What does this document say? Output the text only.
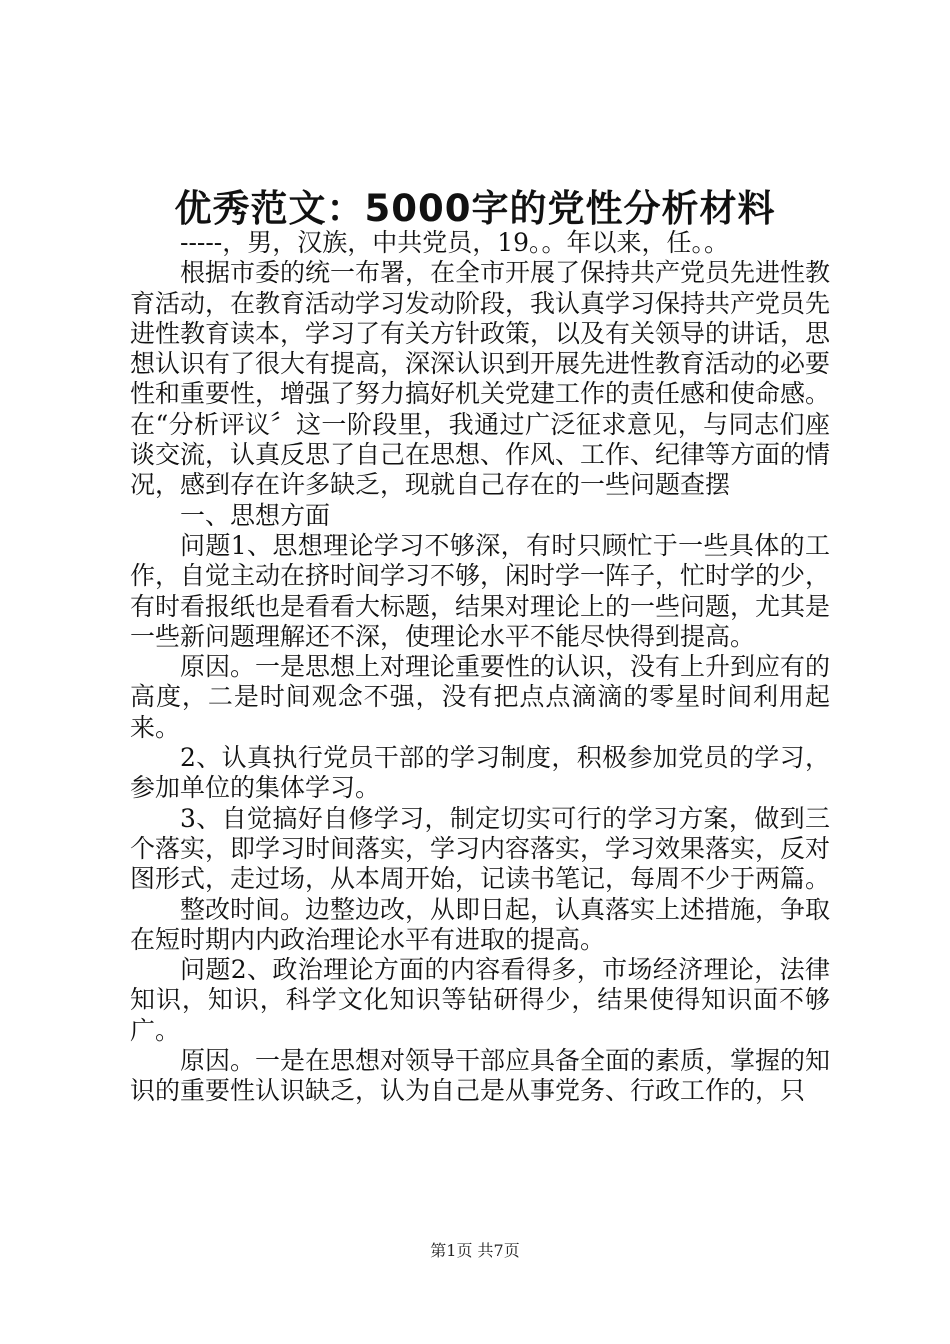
优秀范文：5000字的党性分析材料

-----，男，汉族，中共党员，19。。年以来，任。。

根据市委的统一布署，在全市开展了保持共产党员先进性教育活动，在教育活动学习发动阶段，我认真学习保持共产党员先进性教育读本，学习了有关方针政策，以及有关领导的讲话，思想认识有了很大有提高，深深认识到开展先进性教育活动的必要性和重要性，增强了努力搞好机关党建工作的责任感和使命感。在“分析评议〞这一阶段里，我通过广泛征求意见，与同志们座谈交流，认真反思了自己在思想、作风、工作、纪律等方面的情况，感到存在许多缺乏，现就自己存在的一些问题查摆

一、思想方面

问题1、思想理论学习不够深，有时只顾忙于一些具体的工作，自觉主动在挤时间学习不够，闲时学一阵子，忙时学的少，有时看报纸也是看看大标题，结果对理论上的一些问题，尤其是一些新问题理解还不深，使理论水平不能尽快得到提高。

原因。一是思想上对理论重要性的认识，没有上升到应有的高度，二是时间观念不强，没有把点点滴滴的零星时间利用起来。

2、认真执行党员干部的学习制度，积极参加党员的学习，参加单位的集体学习。

3、自觉搞好自修学习，制定切实可行的学习方案，做到三个落实，即学习时间落实，学习内容落实，学习效果落实，反对图形式，走过场，从本周开始，记读书笔记，每周不少于两篇。

整改时间。边整边改，从即日起，认真落实上述措施，争取在短时期内内政治理论水平有进取的提高。

问题2、政治理论方面的内容看得多，市场经济理论，法律知识，知识，科学文化知识等钻研得少，结果使得知识面不够广。

原因。一是在思想对领导干部应具备全面的素质，掌握的知识的重要性认识缺乏，认为自己是从事党务、行政工作的，只

第1页 共7页
